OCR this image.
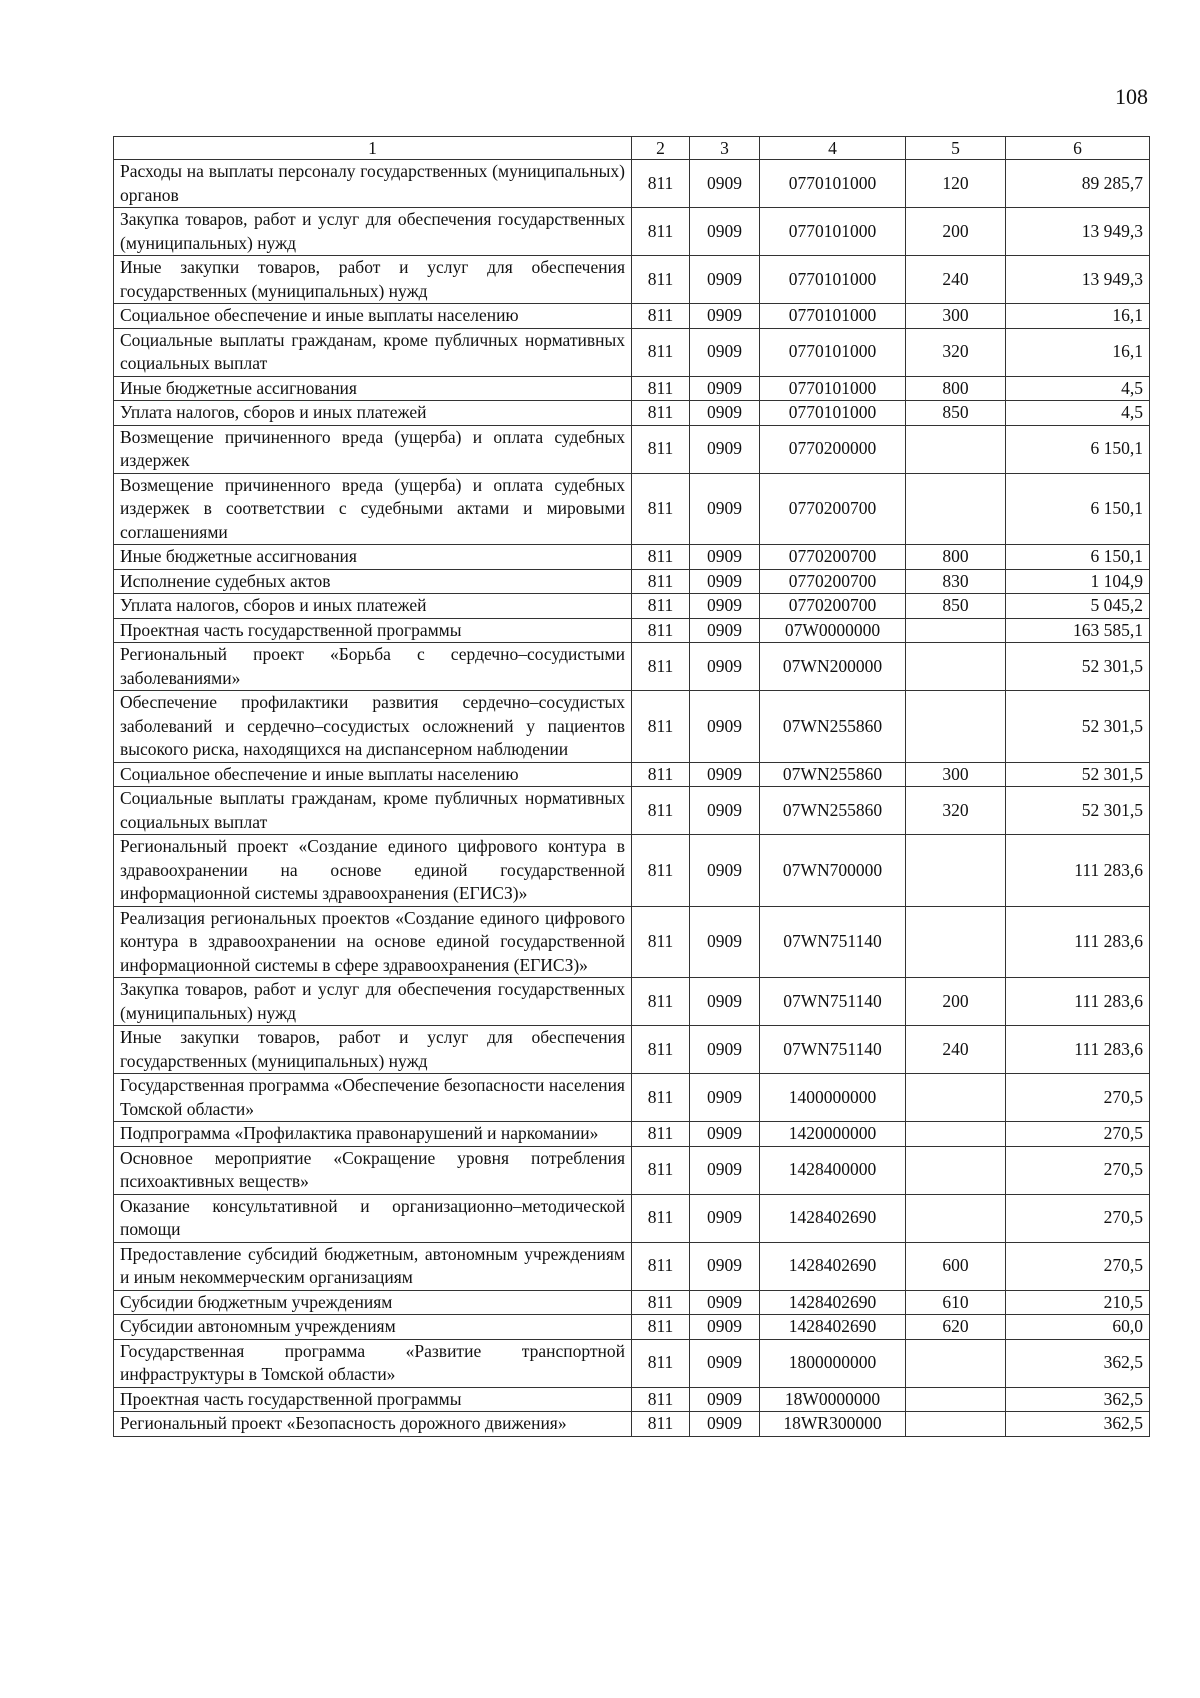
108
1	2	3	4	5	6
Расходы на выплаты персоналу государственных (муниципальных) органов	811	0909	0770101000	120	89 285,7
Закупка товаров, работ и услуг для обеспечения государственных (муниципальных) нужд	811	0909	0770101000	200	13 949,3
Иные закупки товаров, работ и услуг для обеспечения государственных (муниципальных) нужд	811	0909	0770101000	240	13 949,3
Социальное обеспечение и иные выплаты населению	811	0909	0770101000	300	16,1
Социальные выплаты гражданам, кроме публичных нормативных социальных выплат	811	0909	0770101000	320	16,1
Иные бюджетные ассигнования	811	0909	0770101000	800	4,5
Уплата налогов, сборов и иных платежей	811	0909	0770101000	850	4,5
Возмещение причиненного вреда (ущерба) и оплата судебных издержек	811	0909	0770200000		6 150,1
Возмещение причиненного вреда (ущерба) и оплата судебных издержек в соответствии с судебными актами и мировыми соглашениями	811	0909	0770200700		6 150,1
Иные бюджетные ассигнования	811	0909	0770200700	800	6 150,1
Исполнение судебных актов	811	0909	0770200700	830	1 104,9
Уплата налогов, сборов и иных платежей	811	0909	0770200700	850	5 045,2
Проектная часть государственной программы	811	0909	07W0000000		163 585,1
Региональный проект «Борьба с сердечно–сосудистыми заболеваниями»	811	0909	07WN200000		52 301,5
Обеспечение профилактики развития сердечно–сосудистых заболеваний и сердечно–сосудистых осложнений у пациентов высокого риска, находящихся на диспансерном наблюдении	811	0909	07WN255860		52 301,5
Социальное обеспечение и иные выплаты населению	811	0909	07WN255860	300	52 301,5
Социальные выплаты гражданам, кроме публичных нормативных социальных выплат	811	0909	07WN255860	320	52 301,5
Региональный проект «Создание единого цифрового контура в здравоохранении на основе единой государственной информационной системы здравоохранения (ЕГИСЗ)»	811	0909	07WN700000		111 283,6
Реализация региональных проектов «Создание единого цифрового контура в здравоохранении на основе единой государственной информационной системы в сфере здравоохранения (ЕГИСЗ)»	811	0909	07WN751140		111 283,6
Закупка товаров, работ и услуг для обеспечения государственных (муниципальных) нужд	811	0909	07WN751140	200	111 283,6
Иные закупки товаров, работ и услуг для обеспечения государственных (муниципальных) нужд	811	0909	07WN751140	240	111 283,6
Государственная программа «Обеспечение безопасности населения Томской области»	811	0909	1400000000		270,5
Подпрограмма «Профилактика правонарушений и наркомании»	811	0909	1420000000		270,5
Основное мероприятие «Сокращение уровня потребления психоактивных веществ»	811	0909	1428400000		270,5
Оказание консультативной и организационно–методической помощи	811	0909	1428402690		270,5
Предоставление субсидий бюджетным, автономным учреждениям и иным некоммерческим организациям	811	0909	1428402690	600	270,5
Субсидии бюджетным учреждениям	811	0909	1428402690	610	210,5
Субсидии автономным учреждениям	811	0909	1428402690	620	60,0
Государственная программа «Развитие транспортной инфраструктуры в Томской области»	811	0909	1800000000		362,5
Проектная часть государственной программы	811	0909	18W0000000		362,5
Региональный проект «Безопасность дорожного движения»	811	0909	18WR300000		362,5
